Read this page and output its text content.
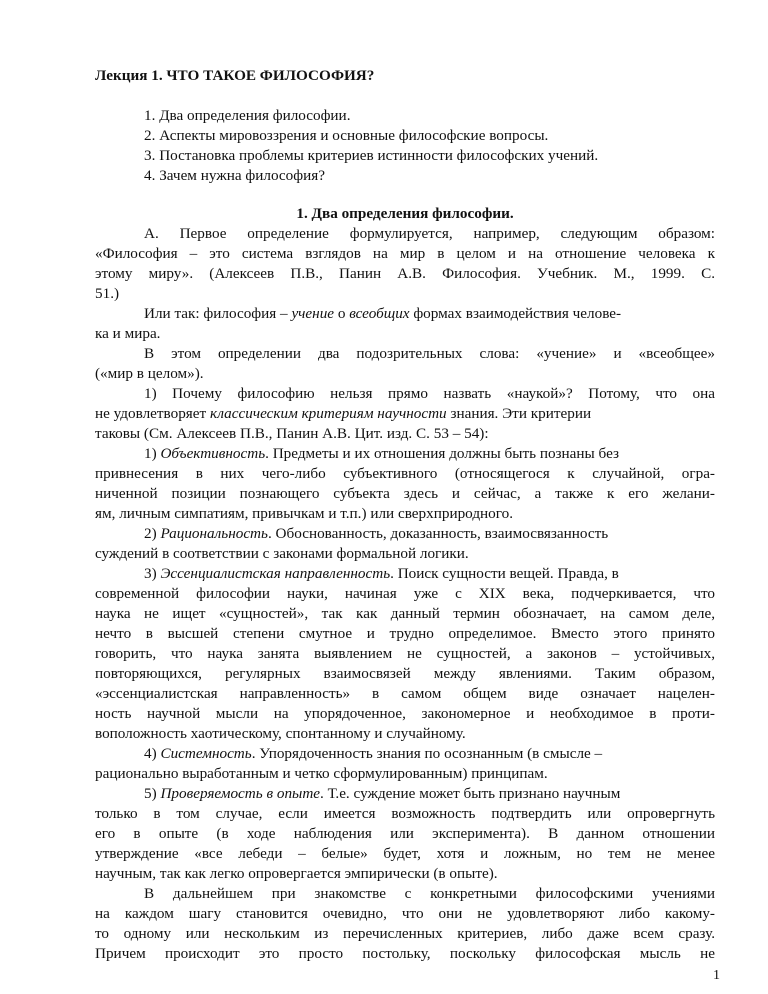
Лекция 1. ЧТО ТАКОЕ ФИЛОСОФИЯ?
1. Два определения философии.
2. Аспекты мировоззрения и основные философские вопросы.
3. Постановка проблемы критериев истинности философских учений.
4. Зачем нужна философия?
1. Два определения философии.
А. Первое определение формулируется, например, следующим образом:
«Философия – это система взглядов на мир в целом и на отношение человека к
этому миру». (Алексеев П.В., Панин А.В. Философия. Учебник. М., 1999. С.
51.)
Или так: философия – учение о всеобщих формах взаимодействия челове-
ка и мира.
В этом определении два подозрительных слова: «учение» и «всеобщее»
(«мир в целом»).
1) Почему философию нельзя прямо назвать «наукой»? Потому, что она
не удовлетворяет классическим критериям научности знания. Эти критерии
таковы (См. Алексеев П.В., Панин А.В. Цит. изд. С. 53 – 54):
1) Объективность. Предметы и их отношения должны быть познаны без
привнесения в них чего-либо субъективного (относящегося к случайной, огра-
ниченной позиции познающего субъекта здесь и сейчас, а также к его желани-
ям, личным симпатиям, привычкам и т.п.) или сверхприродного.
2) Рациональность. Обоснованность, доказанность, взаимосвязанность
суждений в соответствии с законами формальной логики.
3) Эссенциалистская направленность. Поиск сущности вещей. Правда, в
современной философии науки, начиная уже с XIX века, подчеркивается, что
наука не ищет «сущностей», так как данный термин обозначает, на самом деле,
нечто в высшей степени смутное и трудно определимое. Вместо этого принято
говорить, что наука занята выявлением не сущностей, а законов – устойчивых,
повторяющихся, регулярных взаимосвязей между явлениями. Таким образом,
«эссенциалистская направленность» в самом общем виде означает нацелен-
ность научной мысли на упорядоченное, закономерное и необходимое в проти-
воположность хаотическому, спонтанному и случайному.
4) Системность. Упорядоченность знания по осознанным (в смысле –
рационально выработанным и четко сформулированным) принципам.
5) Проверяемость в опыте. Т.е. суждение может быть признано научным
только в том случае, если имеется возможность подтвердить или опровергнуть
его в опыте (в ходе наблюдения или эксперимента). В данном отношении
утверждение «все лебеди – белые» будет, хотя и ложным, но тем не менее
научным, так как легко опровергается эмпирически (в опыте).
В дальнейшем при знакомстве с конкретными философскими учениями
на каждом шагу становится очевидно, что они не удовлетворяют либо какому-
то одному или нескольким из перечисленных критериев, либо даже всем сразу.
Причем происходит это просто постольку, поскольку философская мысль не
1
